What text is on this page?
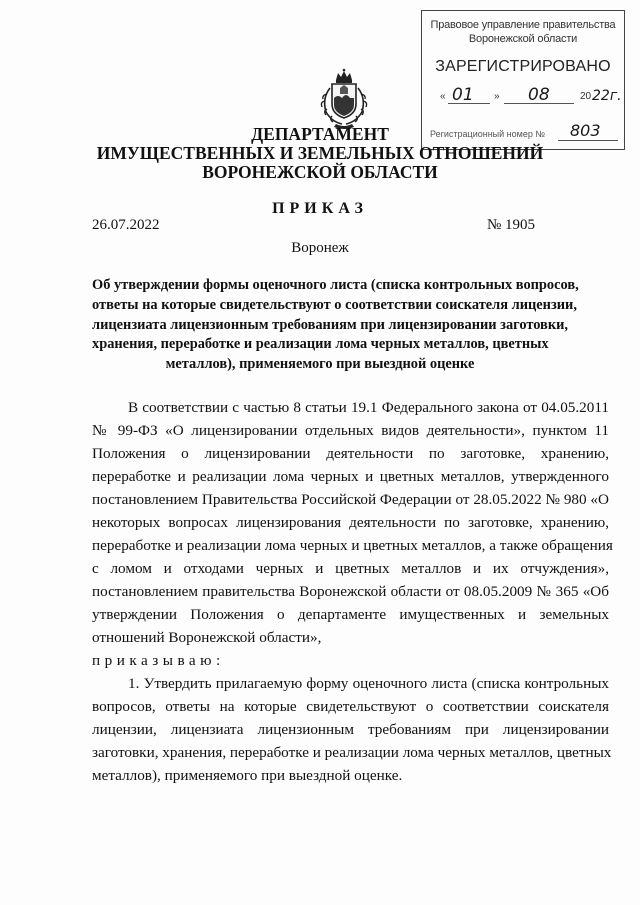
Правовое управление правительства
Воронежской области
ЗАРЕГИСТРИРОВАНО
« 01 » 08	20 22г.
Регистрационный номер № 803
ДЕПАРТАМЕНТ
ИМУЩЕСТВЕННЫХ И ЗЕМЕЛЬНЫХ ОТНОШЕНИЙ
ВОРОНЕЖСКОЙ ОБЛАСТИ
ПРИКАЗ
26.07.2022	№ 1905
Воронеж
Об утверждении формы оценочного листа (списка контрольных вопросов,
ответы на которые свидетельствуют о соответствии соискателя лицензии,
лицензиата лицензионным требованиям при лицензировании заготовки,
хранения, переработке и реализации лома черных металлов, цветных
металлов), применяемого при выездной оценке
В соответствии с частью 8 статьи 19.1 Федерального закона от 04.05.2011
№ 99-ФЗ «О лицензировании отдельных видов деятельности», пунктом 11
Положения о лицензировании деятельности по заготовке, хранению,
переработке и реализации лома черных и цветных металлов, утвержденного
постановлением Правительства Российской Федерации от 28.05.2022 № 980 «О
некоторых вопросах лицензирования деятельности по заготовке, хранению,
переработке и реализации лома черных и цветных металлов, а также обращения
с ломом и отходами черных и цветных металлов и их отчуждения»,
постановлением правительства Воронежской области от 08.05.2009 № 365 «Об
утверждении Положения о департаменте имущественных и земельных
отношений Воронежской области»,
приказываю:
1. Утвердить прилагаемую форму оценочного листа (списка контрольных
вопросов, ответы на которые свидетельствуют о соответствии соискателя
лицензии, лицензиата лицензионным требованиям при лицензировании
заготовки, хранения, переработке и реализации лома черных металлов, цветных
металлов), применяемого при выездной оценке.
